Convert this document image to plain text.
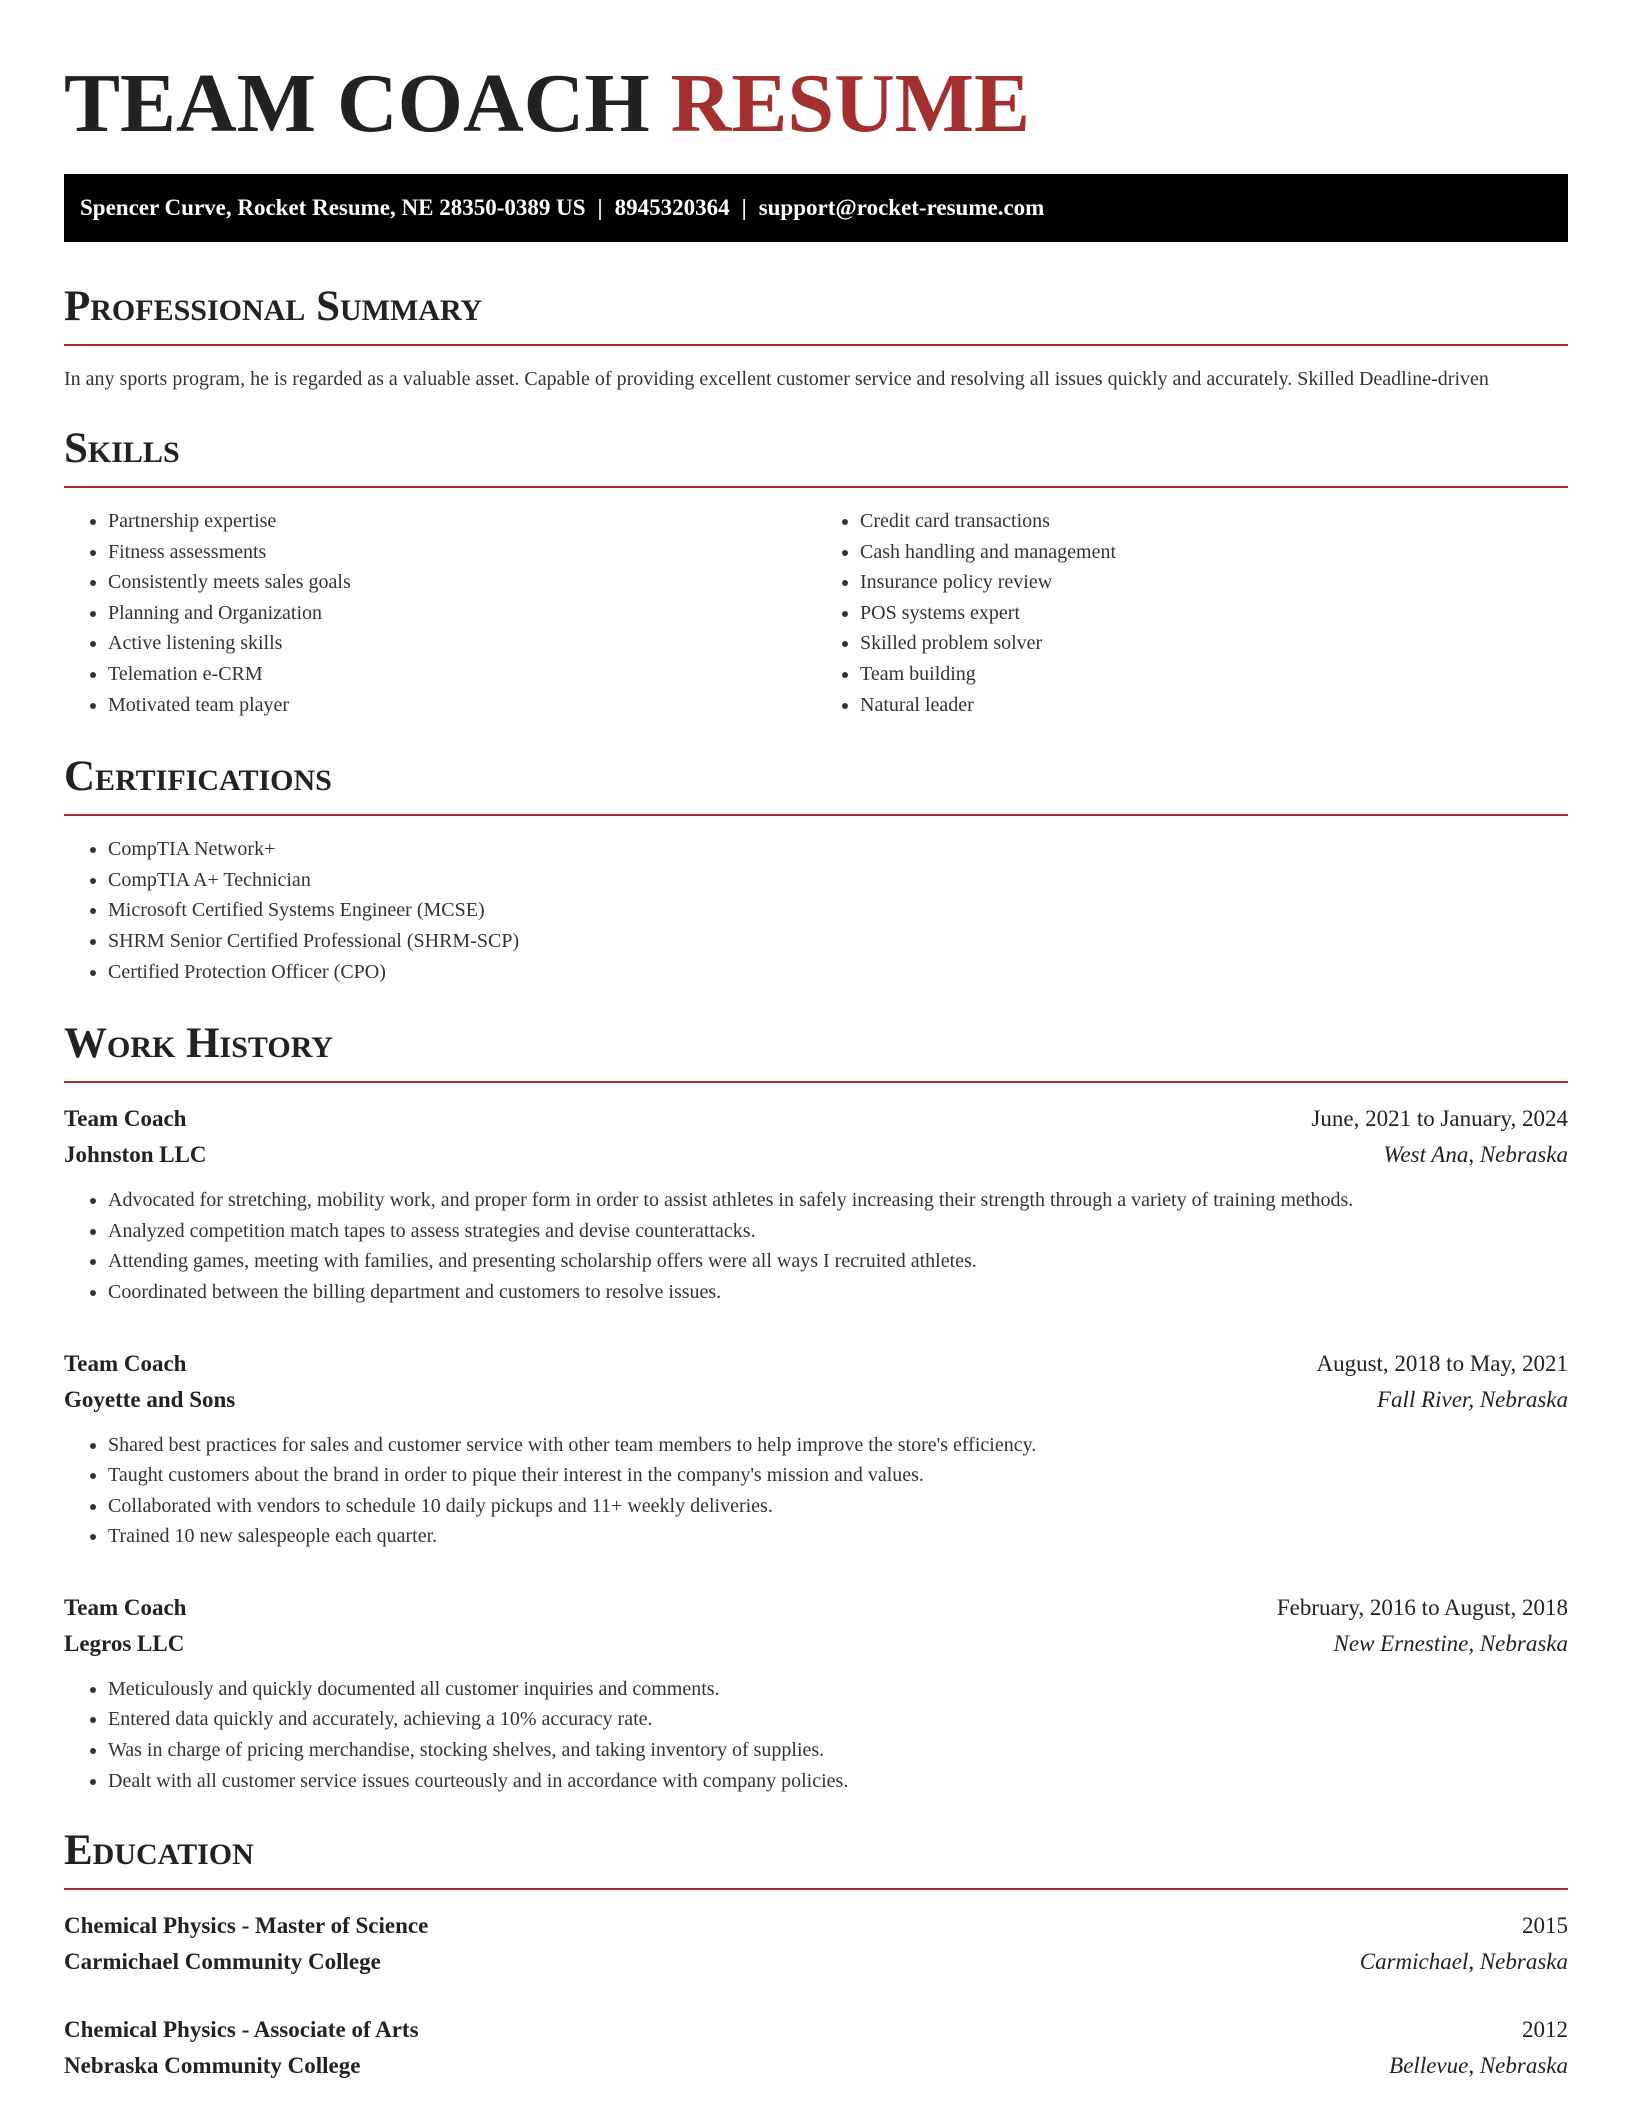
TEAM COACH RESUME
Spencer Curve, Rocket Resume, NE 28350-0389 US | 8945320364 | support@rocket-resume.com
Professional Summary

In any sports program, he is regarded as a valuable asset. Capable of providing excellent customer service and resolving all issues quickly and accurately. Skilled Deadline-driven

Skills
• Partnership expertise
• Fitness assessments
• Consistently meets sales goals
• Planning and Organization
• Active listening skills
• Telemation e-CRM
• Motivated team player
• Credit card transactions
• Cash handling and management
• Insurance policy review
• POS systems expert
• Skilled problem solver
• Team building
• Natural leader
Certifications
• CompTIA Network+
• CompTIA A+ Technician
• Microsoft Certified Systems Engineer (MCSE)
• SHRM Senior Certified Professional (SHRM-SCP)
• Certified Protection Officer (CPO)
Work History
Team Coach	June, 2021 to January, 2024
Johnston LLC	West Ana, Nebraska
• Advocated for stretching, mobility work, and proper form in order to assist athletes in safely increasing their strength through a variety of training methods.
• Analyzed competition match tapes to assess strategies and devise counterattacks.
• Attending games, meeting with families, and presenting scholarship offers were all ways I recruited athletes.
• Coordinated between the billing department and customers to resolve issues.
Team Coach	August, 2018 to May, 2021
Goyette and Sons	Fall River, Nebraska
• Shared best practices for sales and customer service with other team members to help improve the store's efficiency.
• Taught customers about the brand in order to pique their interest in the company's mission and values.
• Collaborated with vendors to schedule 10 daily pickups and 11+ weekly deliveries.
• Trained 10 new salespeople each quarter.
Team Coach	February, 2016 to August, 2018
Legros LLC	New Ernestine, Nebraska
• Meticulously and quickly documented all customer inquiries and comments.
• Entered data quickly and accurately, achieving a 10% accuracy rate.
• Was in charge of pricing merchandise, stocking shelves, and taking inventory of supplies.
• Dealt with all customer service issues courteously and in accordance with company policies.
Education
Chemical Physics - Master of Science	2015
Carmichael Community College	Carmichael, Nebraska
Chemical Physics - Associate of Arts	2012
Nebraska Community College	Bellevue, Nebraska
